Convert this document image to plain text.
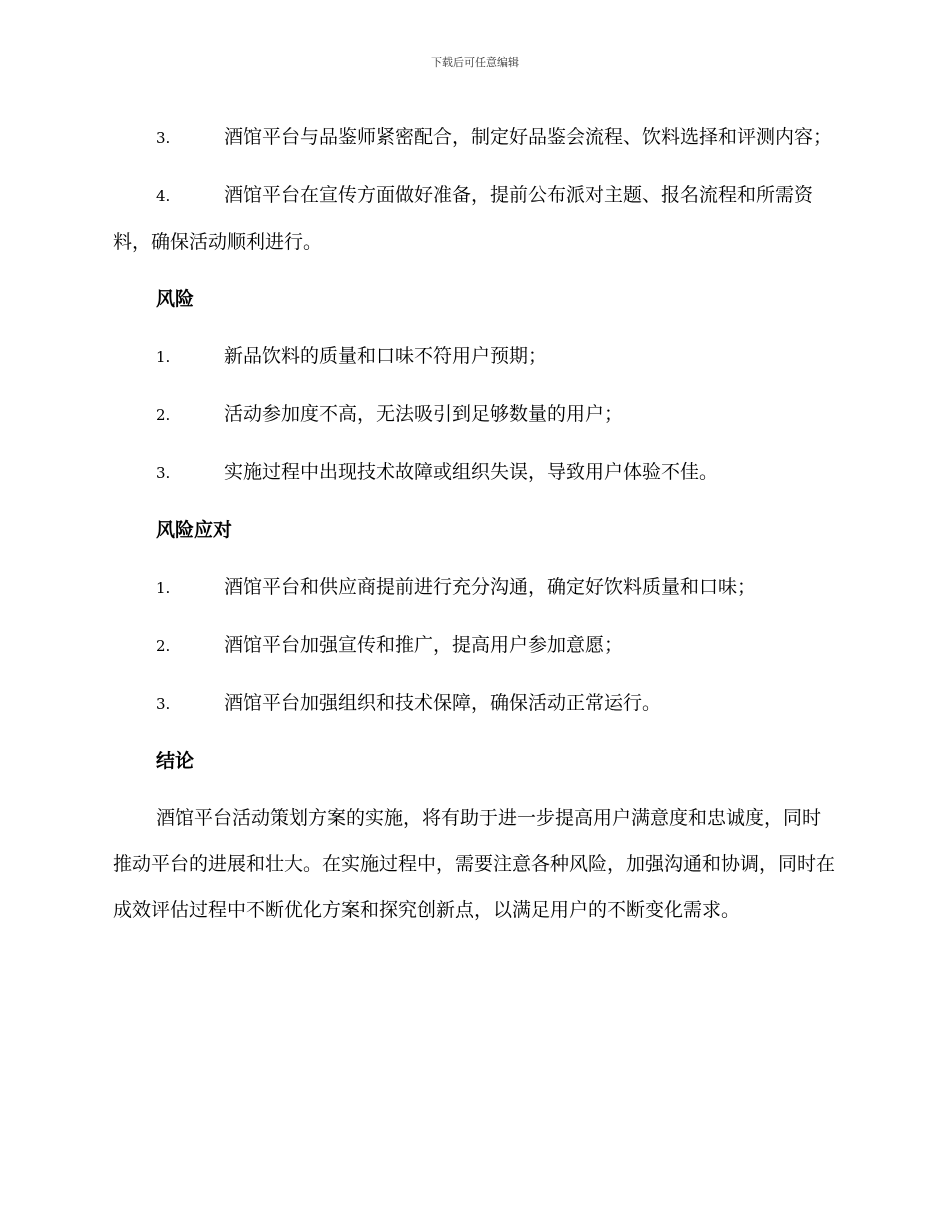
下载后可任意编辑

3.	酒馆平台与品鉴师紧密配合，制定好品鉴会流程、饮料选择和评测内容；

4.	酒馆平台在宣传方面做好准备，提前公布派对主题、报名流程和所需资料，确保活动顺利进行。

风险

1.	新品饮料的质量和口味不符用户预期；

2.	活动参加度不高，无法吸引到足够数量的用户；

3.	实施过程中出现技术故障或组织失误，导致用户体验不佳。

风险应对

1.	酒馆平台和供应商提前进行充分沟通，确定好饮料质量和口味；

2.	酒馆平台加强宣传和推广，提高用户参加意愿；

3.	酒馆平台加强组织和技术保障，确保活动正常运行。

结论

酒馆平台活动策划方案的实施，将有助于进一步提高用户满意度和忠诚度，同时推动平台的进展和壮大。在实施过程中，需要注意各种风险，加强沟通和协调，同时在成效评估过程中不断优化方案和探究创新点，以满足用户的不断变化需求。
